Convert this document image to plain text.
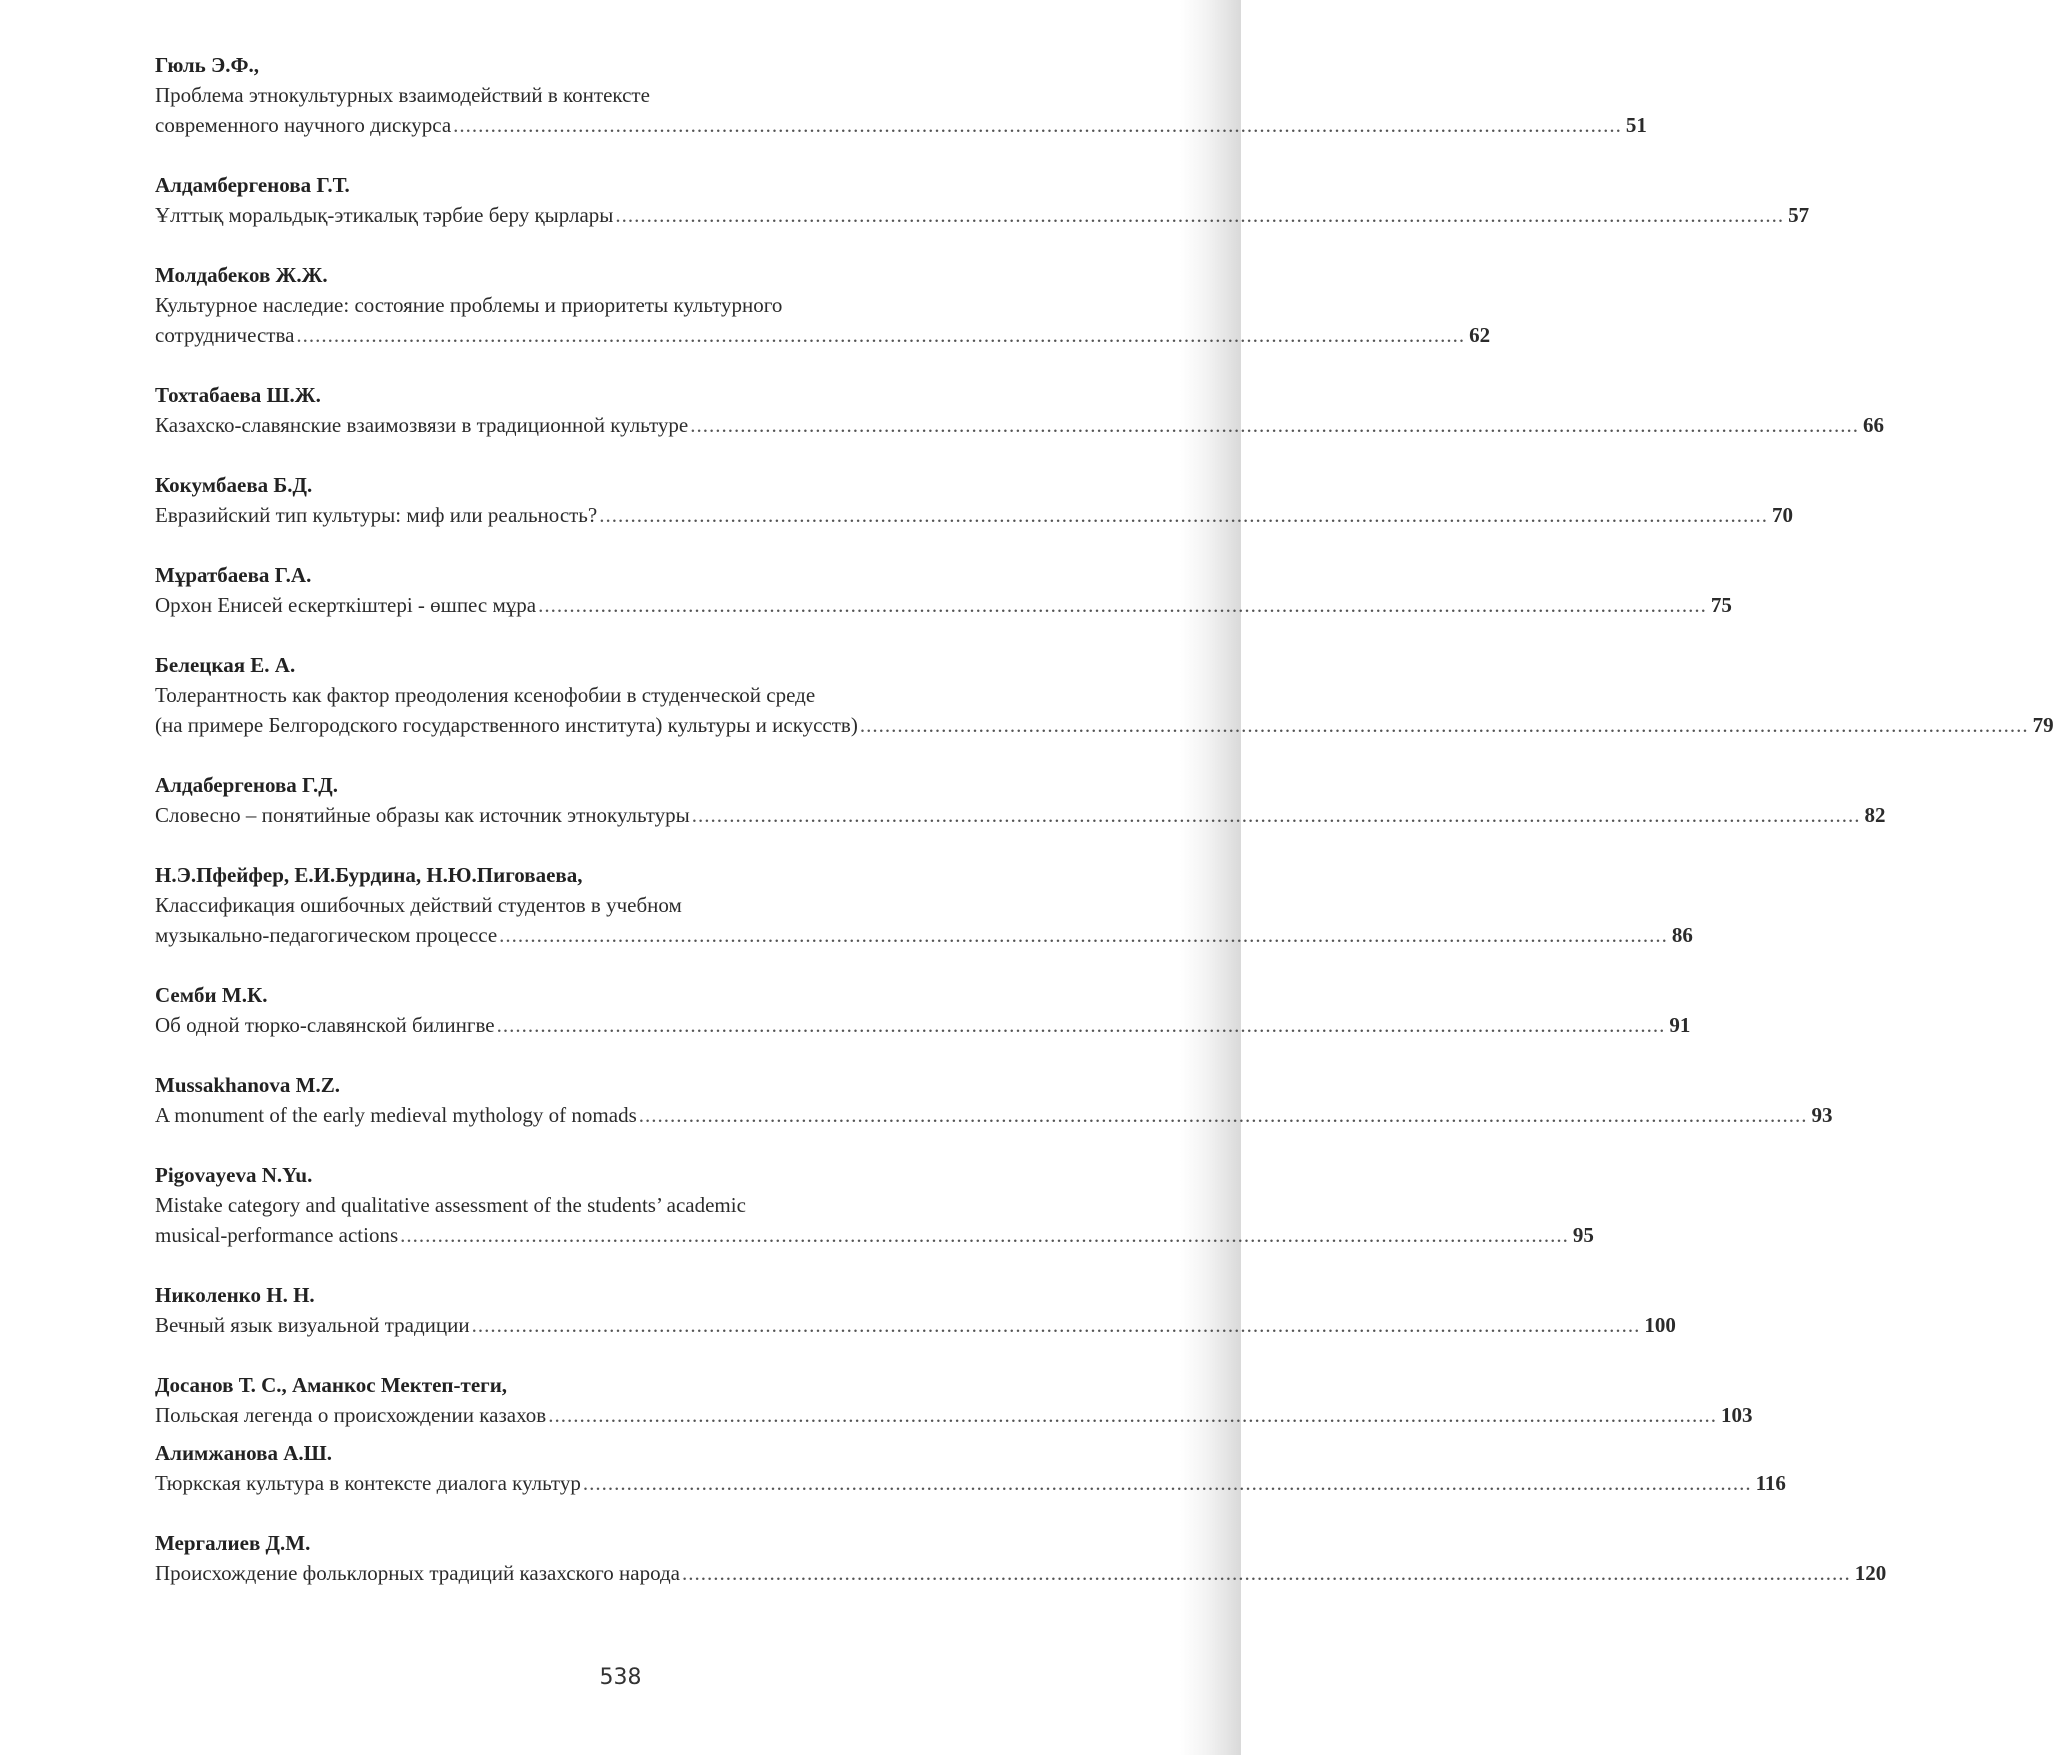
Гюль Э.Ф.,
Проблема этнокультурных взаимодействий в контексте
современного научного дискурса ........................................................................................................................................................................................... 51
Алдамбергенова Г.Т.
Ұлттық моральдық-этикалық тәрбие беру қырлары ........................................................................................................................................................................................... 57
Молдабеков Ж.Ж.
Культурное наследие: состояние проблемы и приоритеты культурного
сотрудничества ........................................................................................................................................................................................... 62
Тохтабаева Ш.Ж.
Казахско-славянские взаимозвязи в традиционной культуре ........................................................................................................................................................................................... 66
Кокумбаева Б.Д.
Евразийский тип культуры: миф или реальность? ........................................................................................................................................................................................... 70
Мұратбаева Г.А.
Орхон Енисей ескерткіштері - өшпес мұра ........................................................................................................................................................................................... 75
Белецкая Е. А.
Толерантность как фактор преодоления ксенофобии в студенческой среде
(на примере Белгородского государственного института) культуры и искусств) ........................................................................................................................................................................................... 79
Алдабергенова Г.Д.
Словесно – понятийные образы как источник этнокультуры ........................................................................................................................................................................................... 82
Н.Э.Пфейфер, Е.И.Бурдина, Н.Ю.Пиговаева,
Классификация ошибочных действий студентов в учебном
музыкально-педагогическом процессе ........................................................................................................................................................................................... 86
Семби М.К.
Об одной тюрко-славянской билингве ........................................................................................................................................................................................... 91
Mussakhanova M.Z.
A monument of the early medieval mythology of nomads ........................................................................................................................................................................................... 93
Pigovayeva N.Yu.
Mistake category and qualitative assessment of the students’ academic
musical-performance actions ........................................................................................................................................................................................... 95
Николенко Н. Н.
Вечный язык визуальной традиции ........................................................................................................................................................................................... 100
Досанов Т. С., Аманкос Мектеп-теги,
Польская легенда о происхождении казахов ........................................................................................................................................................................................... 103
Алимжанова А.Ш.
Тюркская культура в контексте диалога культур ........................................................................................................................................................................................... 116
Мергалиев Д.М.
Происхождение фольклорных традиций казахского народа ........................................................................................................................................................................................... 120
538
